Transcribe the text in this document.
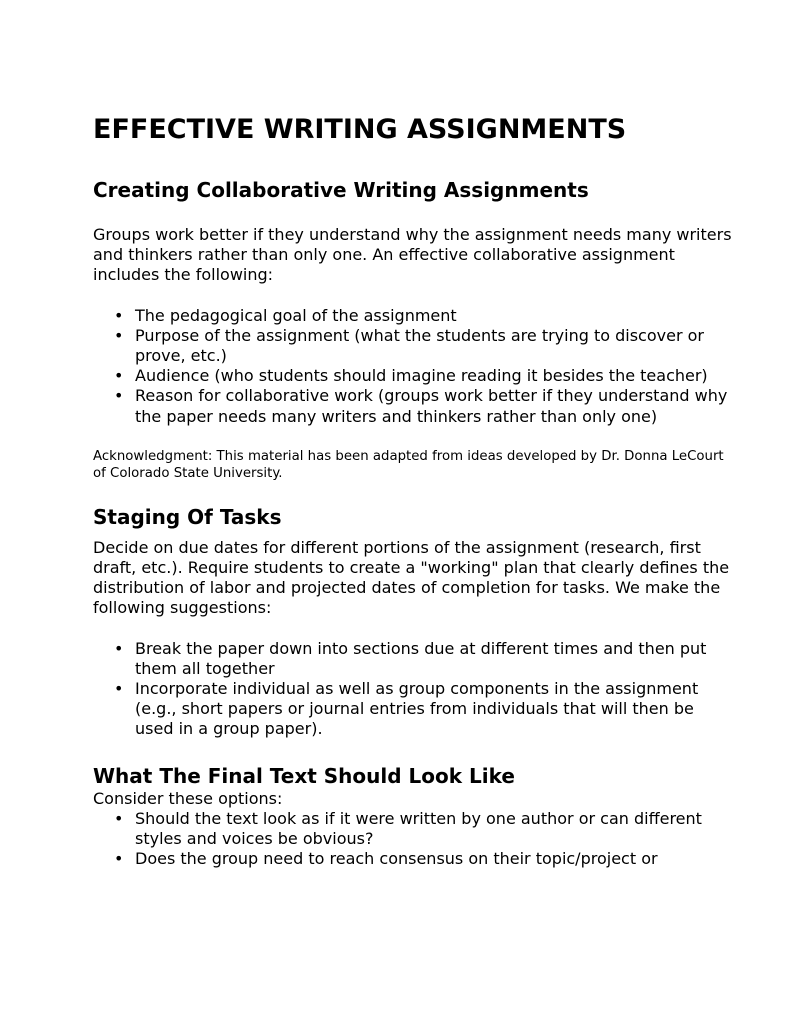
EFFECTIVE WRITING ASSIGNMENTS
Creating Collaborative Writing Assignments

Groups work better if they understand why the assignment needs many writers and thinkers rather than only one. An effective collaborative assignment includes the following:

• The pedagogical goal of the assignment
• Purpose of the assignment (what the students are trying to discover or prove, etc.)
• Audience (who students should imagine reading it besides the teacher)
• Reason for collaborative work (groups work better if they understand why the paper needs many writers and thinkers rather than only one)

Acknowledgment: This material has been adapted from ideas developed by Dr. Donna LeCourt of Colorado State University.

Staging Of Tasks

Decide on due dates for different portions of the assignment (research, first draft, etc.). Require students to create a "working" plan that clearly defines the distribution of labor and projected dates of completion for tasks. We make the following suggestions:

• Break the paper down into sections due at different times and then put them all together
• Incorporate individual as well as group components in the assignment (e.g., short papers or journal entries from individuals that will then be used in a group paper).
What The Final Text Should Look Like

Consider these options:

• Should the text look as if it were written by one author or can different styles and voices be obvious?
• Does the group need to reach consensus on their topic/project or
